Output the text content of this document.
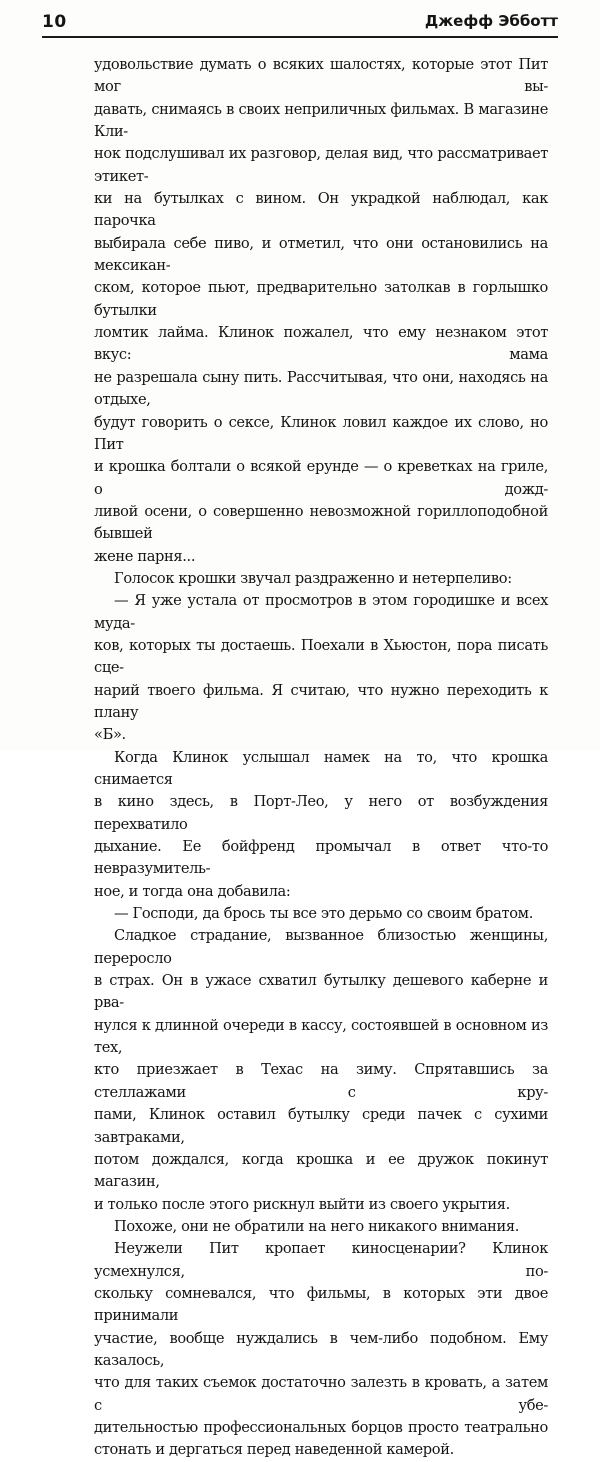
10	Джефф Эбботт

удовольствие думать о всяких шалостях, которые этот Пит мог вы-

давать, снимаясь в своих неприличных фильмах. В магазине Кли-

нок подслушивал их разговор, делая вид, что рассматривает этикет-

ки на бутылках с вином. Он украдкой наблюдал, как парочка

выбирала себе пиво, и отметил, что они остановились на мексикан-

ском, которое пьют, предварительно затолкав в горлышко бутылки

ломтик лайма. Клинок пожалел, что ему незнаком этот вкус: мама

не разрешала сыну пить. Рассчитывая, что они, находясь на отдыхе,

будут говорить о сексе, Клинок ловил каждое их слово, но Пит

и крошка болтали о всякой ерунде — о креветках на гриле, о дожд-

ливой осени, о совершенно невозможной гориллоподобной бывшей

жене парня...

Голосок крошки звучал раздраженно и нетерпеливо:

— Я уже устала от просмотров в этом городишке и всех муда-

ков, которых ты достаешь. Поехали в Хьюстон, пора писать сце-

нарий твоего фильма. Я считаю, что нужно переходить к плану

«Б».

Когда Клинок услышал намек на то, что крошка снимается

в кино здесь, в Порт-Лео, у него от возбуждения перехватило

дыхание. Ее бойфренд промычал в ответ что-то невразумитель-

ное, и тогда она добавила:

— Господи, да брось ты все это дерьмо со своим братом.

Сладкое страдание, вызванное близостью женщины, переросло

в страх. Он в ужасе схватил бутылку дешевого каберне и рва-

нулся к длинной очереди в кассу, состоявшей в основном из тех,

кто приезжает в Техас на зиму. Спрятавшись за стеллажами с кру-

пами, Клинок оставил бутылку среди пачек с сухими завтраками,

потом дождался, когда крошка и ее дружок покинут магазин,

и только после этого рискнул выйти из своего укрытия.

Похоже, они не обратили на него никакого внимания.

Неужели Пит кропает киносценарии? Клинок усмехнулся, по-

скольку сомневался, что фильмы, в которых эти двое принимали

участие, вообще нуждались в чем-либо подобном. Ему казалось,

что для таких съемок достаточно залезть в кровать, а затем с убе-

дительностью профессиональных борцов просто театрально

стонать и дергаться перед наведенной камерой.
